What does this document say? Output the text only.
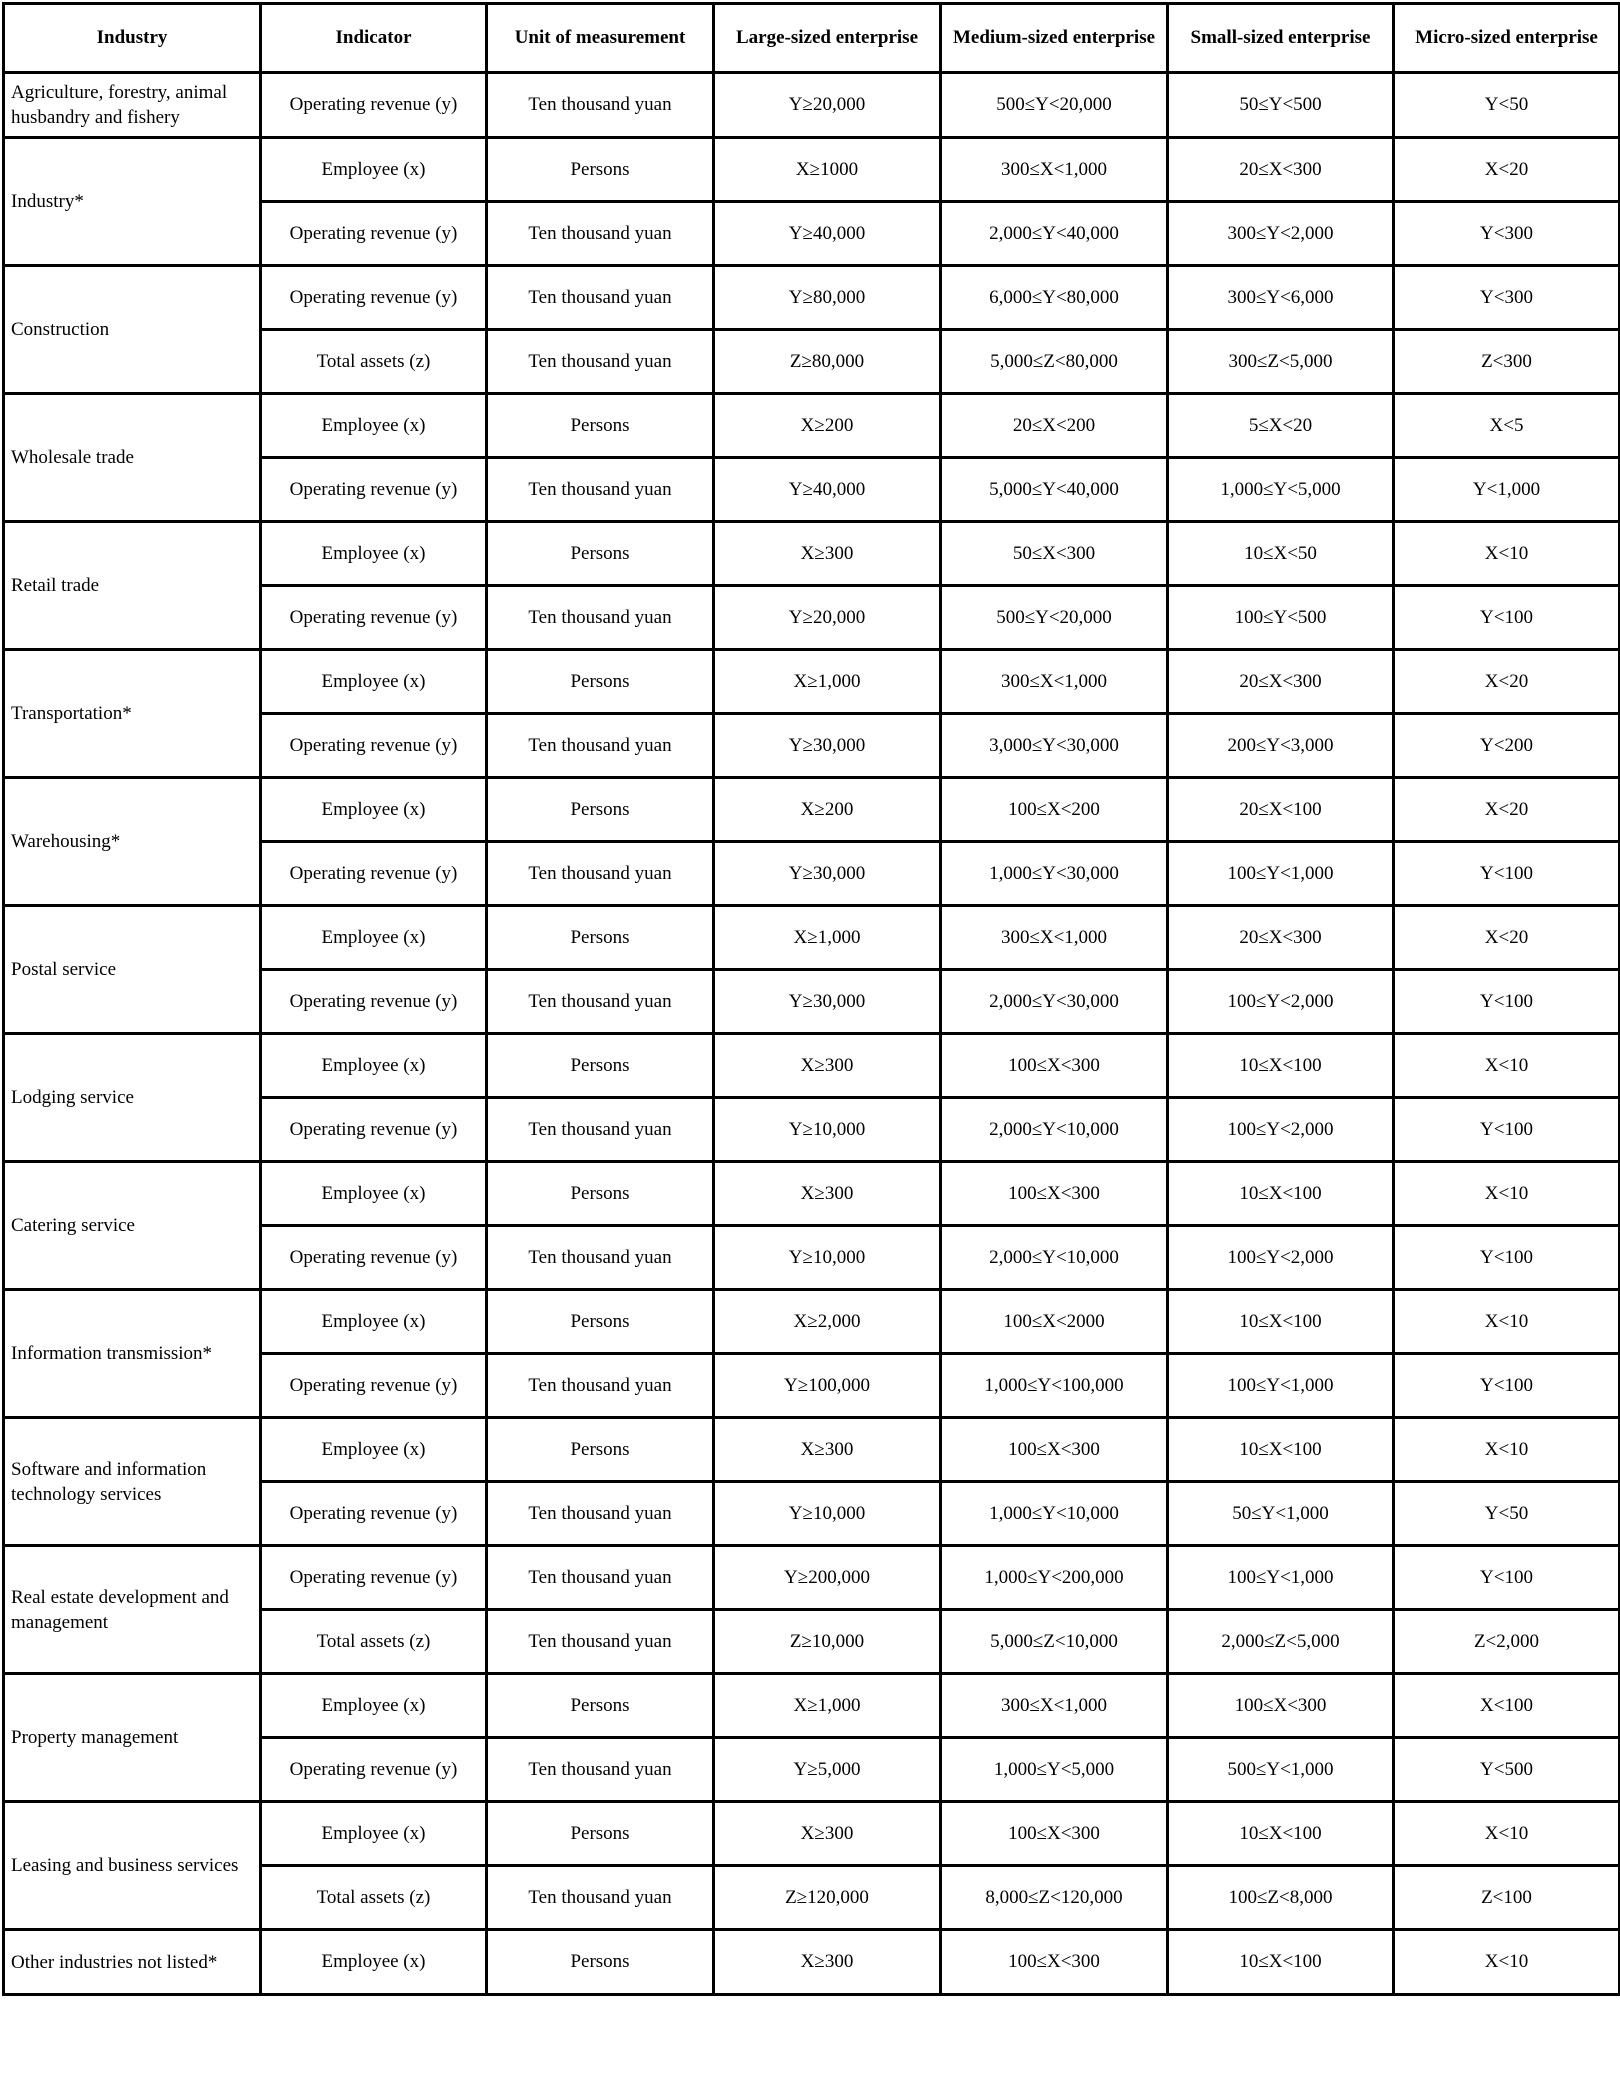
Industry	Indicator	Unit of measurement	Large-sized enterprise	Medium-sized enterprise	Small-sized enterprise	Micro-sized enterprise
Agriculture, forestry, animal husbandry and fishery	Operating revenue (y)	Ten thousand yuan	Y≥20,000	500≤Y<20,000	50≤Y<500	Y<50
Industry*	Employee (x)	Persons	X≥1000	300≤X<1,000	20≤X<300	X<20
	Operating revenue (y)	Ten thousand yuan	Y≥40,000	2,000≤Y<40,000	300≤Y<2,000	Y<300
Construction	Operating revenue (y)	Ten thousand yuan	Y≥80,000	6,000≤Y<80,000	300≤Y<6,000	Y<300
	Total assets (z)	Ten thousand yuan	Z≥80,000	5,000≤Z<80,000	300≤Z<5,000	Z<300
Wholesale trade	Employee (x)	Persons	X≥200	20≤X<200	5≤X<20	X<5
	Operating revenue (y)	Ten thousand yuan	Y≥40,000	5,000≤Y<40,000	1,000≤Y<5,000	Y<1,000
Retail trade	Employee (x)	Persons	X≥300	50≤X<300	10≤X<50	X<10
	Operating revenue (y)	Ten thousand yuan	Y≥20,000	500≤Y<20,000	100≤Y<500	Y<100
Transportation*	Employee (x)	Persons	X≥1,000	300≤X<1,000	20≤X<300	X<20
	Operating revenue (y)	Ten thousand yuan	Y≥30,000	3,000≤Y<30,000	200≤Y<3,000	Y<200
Warehousing*	Employee (x)	Persons	X≥200	100≤X<200	20≤X<100	X<20
	Operating revenue (y)	Ten thousand yuan	Y≥30,000	1,000≤Y<30,000	100≤Y<1,000	Y<100
Postal service	Employee (x)	Persons	X≥1,000	300≤X<1,000	20≤X<300	X<20
	Operating revenue (y)	Ten thousand yuan	Y≥30,000	2,000≤Y<30,000	100≤Y<2,000	Y<100
Lodging service	Employee (x)	Persons	X≥300	100≤X<300	10≤X<100	X<10
	Operating revenue (y)	Ten thousand yuan	Y≥10,000	2,000≤Y<10,000	100≤Y<2,000	Y<100
Catering service	Employee (x)	Persons	X≥300	100≤X<300	10≤X<100	X<10
	Operating revenue (y)	Ten thousand yuan	Y≥10,000	2,000≤Y<10,000	100≤Y<2,000	Y<100
Information transmission*	Employee (x)	Persons	X≥2,000	100≤X<2000	10≤X<100	X<10
	Operating revenue (y)	Ten thousand yuan	Y≥100,000	1,000≤Y<100,000	100≤Y<1,000	Y<100
Software and information technology services	Employee (x)	Persons	X≥300	100≤X<300	10≤X<100	X<10
	Operating revenue (y)	Ten thousand yuan	Y≥10,000	1,000≤Y<10,000	50≤Y<1,000	Y<50
Real estate development and management	Operating revenue (y)	Ten thousand yuan	Y≥200,000	1,000≤Y<200,000	100≤Y<1,000	Y<100
	Total assets (z)	Ten thousand yuan	Z≥10,000	5,000≤Z<10,000	2,000≤Z<5,000	Z<2,000
Property management	Employee (x)	Persons	X≥1,000	300≤X<1,000	100≤X<300	X<100
	Operating revenue (y)	Ten thousand yuan	Y≥5,000	1,000≤Y<5,000	500≤Y<1,000	Y<500
Leasing and business services	Employee (x)	Persons	X≥300	100≤X<300	10≤X<100	X<10
	Total assets (z)	Ten thousand yuan	Z≥120,000	8,000≤Z<120,000	100≤Z<8,000	Z<100
Other industries not listed*	Employee (x)	Persons	X≥300	100≤X<300	10≤X<100	X<10
